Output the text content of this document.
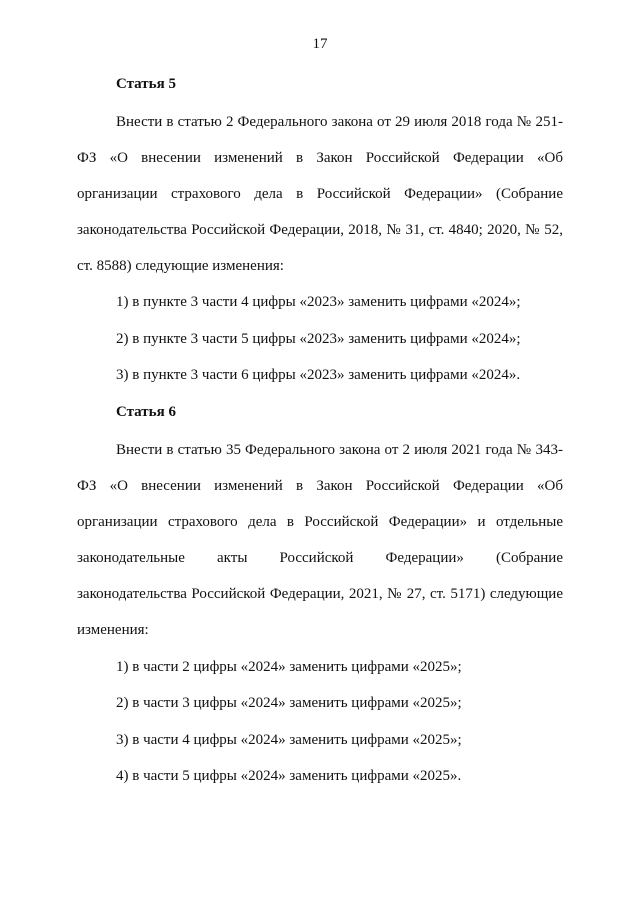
17
Статья 5

Внести в статью 2 Федерального закона от 29 июля 2018 года № 251-ФЗ «О внесении изменений в Закон Российской Федерации «Об организации страхового дела в Российской Федерации» (Собрание законодательства Российской Федерации, 2018, № 31, ст. 4840; 2020, № 52, ст. 8588) следующие изменения:

1) в пункте 3 части 4 цифры «2023» заменить цифрами «2024»;
2) в пункте 3 части 5 цифры «2023» заменить цифрами «2024»;
3) в пункте 3 части 6 цифры «2023» заменить цифрами «2024».
Статья 6

Внести в статью 35 Федерального закона от 2 июля 2021 года № 343-ФЗ «О внесении изменений в Закон Российской Федерации «Об организации страхового дела в Российской Федерации» и отдельные законодательные акты Российской Федерации» (Собрание законодательства Российской Федерации, 2021, № 27, ст. 5171) следующие изменения:

1) в части 2 цифры «2024» заменить цифрами «2025»;
2) в части 3 цифры «2024» заменить цифрами «2025»;
3) в части 4 цифры «2024» заменить цифрами «2025»;
4) в части 5 цифры «2024» заменить цифрами «2025».
